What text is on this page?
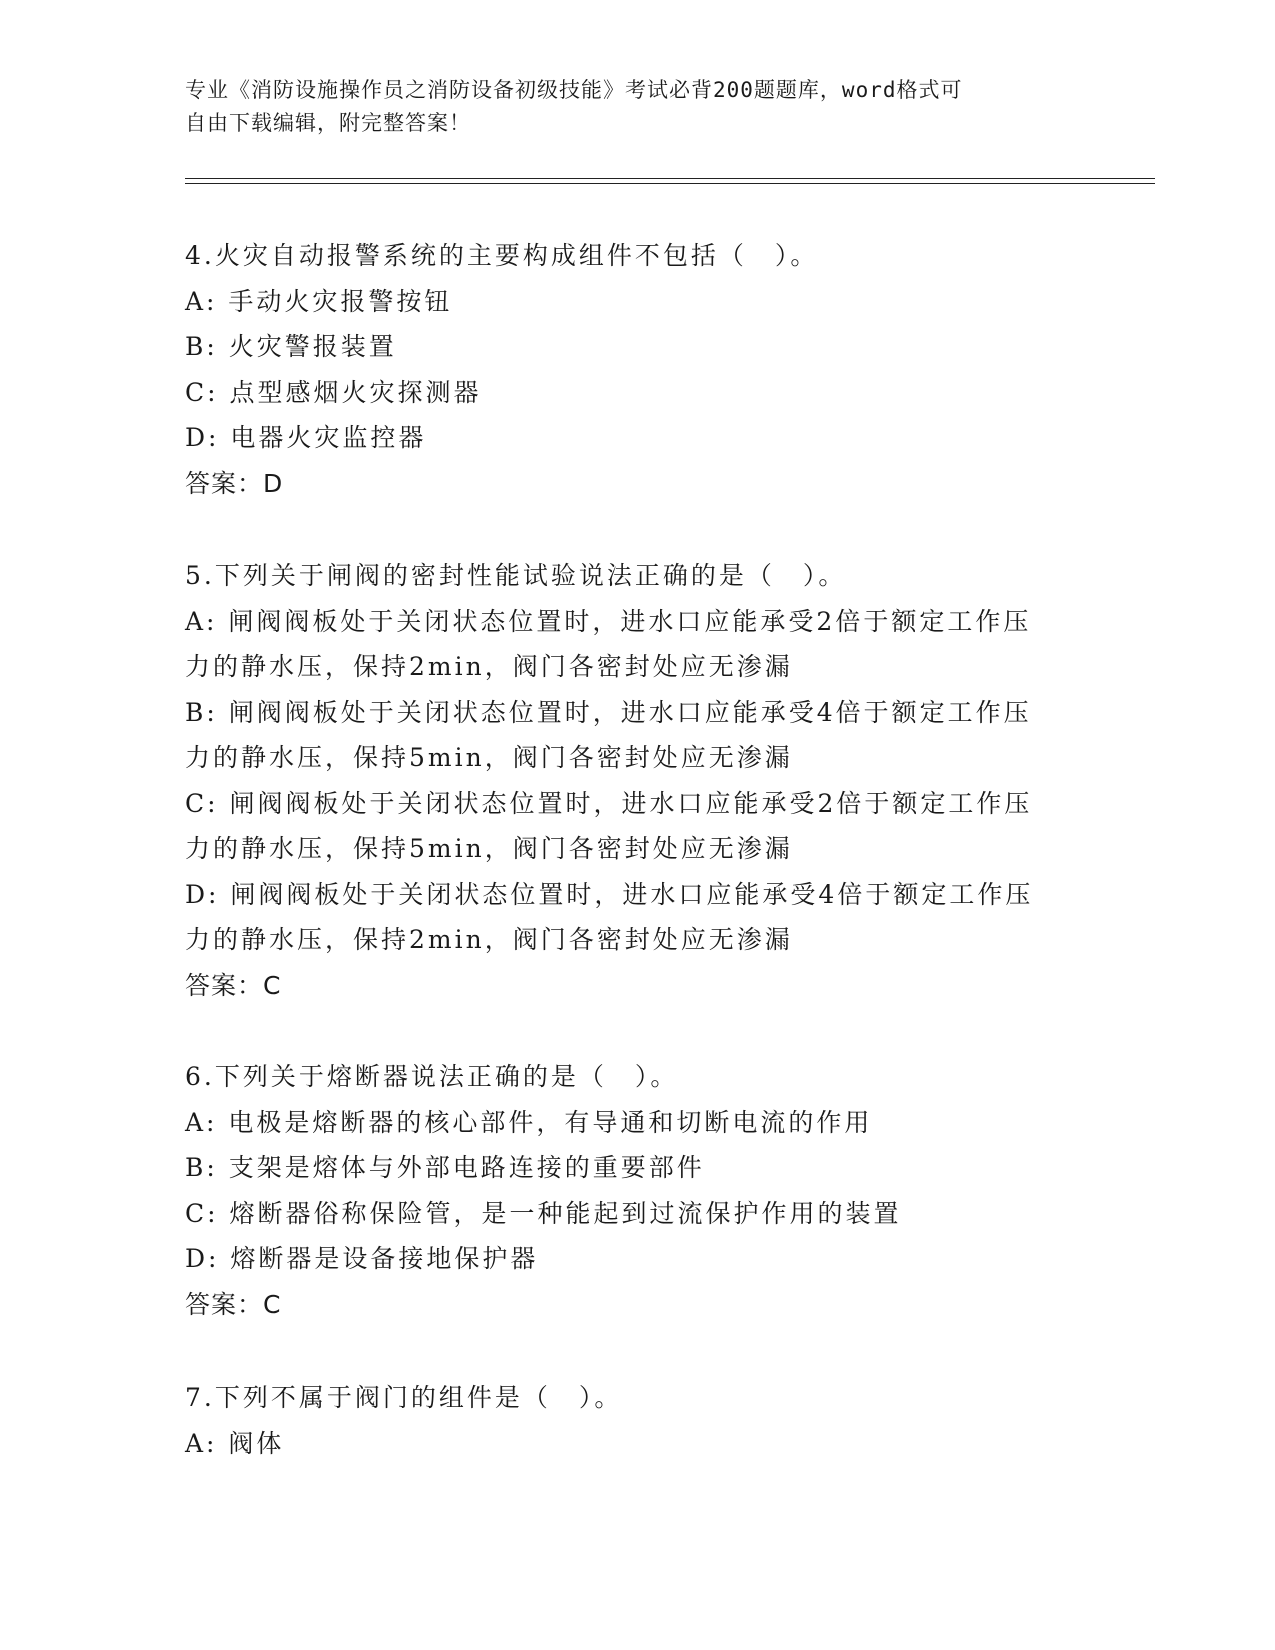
专业《消防设施操作员之消防设备初级技能》考试必背200题题库，word格式可
自由下载编辑，附完整答案！
4.火灾自动报警系统的主要构成组件不包括（　）。
A: 手动火灾报警按钮
B: 火灾警报装置
C: 点型感烟火灾探测器
D: 电器火灾监控器
答案：D
5.下列关于闸阀的密封性能试验说法正确的是（　）。
A: 闸阀阀板处于关闭状态位置时，进水口应能承受2倍于额定工作压
力的静水压，保持2min，阀门各密封处应无渗漏
B: 闸阀阀板处于关闭状态位置时，进水口应能承受4倍于额定工作压
力的静水压，保持5min，阀门各密封处应无渗漏
C: 闸阀阀板处于关闭状态位置时，进水口应能承受2倍于额定工作压
力的静水压，保持5min，阀门各密封处应无渗漏
D: 闸阀阀板处于关闭状态位置时，进水口应能承受4倍于额定工作压
力的静水压，保持2min，阀门各密封处应无渗漏
答案：C
6.下列关于熔断器说法正确的是（　）。
A: 电极是熔断器的核心部件，有导通和切断电流的作用
B: 支架是熔体与外部电路连接的重要部件
C: 熔断器俗称保险管，是一种能起到过流保护作用的装置
D: 熔断器是设备接地保护器
答案：C
7.下列不属于阀门的组件是（　）。
A: 阀体
